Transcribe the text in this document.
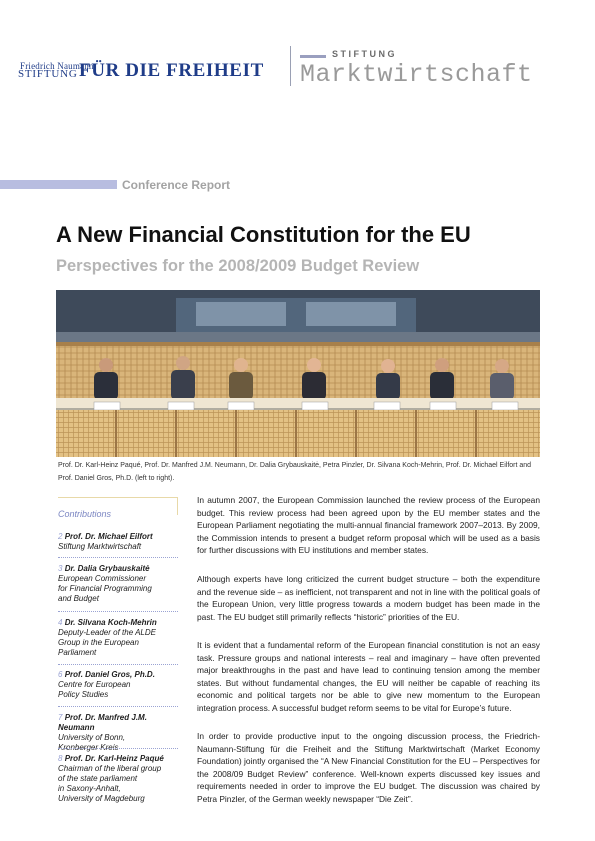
Friedrich Naumann
STIFTUNG FÜR DIE FREIHEIT
STIFTUNG
Marktwirtschaft
Conference Report
A New Financial Constitution for the EU
Perspectives for the 2008/2009 Budget Review
Prof. Dr. Karl-Heinz Paqué, Prof. Dr. Manfred J.M. Neumann, Dr. Dalia Grybauskaitė, Petra Pinzler, Dr. Silvana Koch-Mehrin, Prof. Dr. Michael Eilfort and Prof. Daniel Gros, Ph.D. (left to right).
Contributions
2 Prof. Dr. Michael Eilfort
Stiftung Marktwirtschaft
3 Dr. Dalia Grybauskaitė
European Commissioner
for Financial Programming
and Budget
4 Dr. Silvana Koch-Mehrin
Deputy-Leader of the ALDE
Group in the European
Parliament
6 Prof. Daniel Gros, Ph.D.
Centre for European
Policy Studies
7 Prof. Dr. Manfred J.M. Neumann
University of Bonn,
Kronberger Kreis
8 Prof. Dr. Karl-Heinz Paqué
Chairman of the liberal group
of the state parliament
in Saxony-Anhalt,
University of Magdeburg

In autumn 2007, the European Commission launched the review process of the European budget. This review process had been agreed upon by the EU member states and the European Parliament negotiating the multi-annual financial framework 2007–2013. By 2009, the Commission intends to present a budget reform proposal which will be used as a basis for further discussions with EU institutions and member states.

Although experts have long criticized the current budget structure – both the expenditure and the revenue side – as inefficient, not transparent and not in line with the political goals of the European Union, very little progress towards a modern budget has been made in the past. The EU budget still primarily reflects “historic” priorities of the EU.

It is evident that a fundamental reform of the European financial constitution is not an easy task. Pressure groups and national interests – real and imaginary – have often prevented major breakthroughs in the past and have lead to continuing tension among the member states. But without fundamental changes, the EU will neither be capable of reaching its economic and political targets nor be able to give new momentum to the European integration process. A successful budget reform seems to be vital for Europe’s future.

In order to provide productive input to the ongoing discussion process, the Friedrich-Naumann-Stiftung für die Freiheit and the Stiftung Marktwirtschaft (Market Economy Foundation) jointly organised the “A New Financial Constitution for the EU – Perspectives for the 2008/09 Budget Review” conference. Well-known experts discussed key issues and requirements needed in order to improve the EU budget. The discussion was chaired by Petra Pinzler, of the German weekly newspaper “Die Zeit”.
